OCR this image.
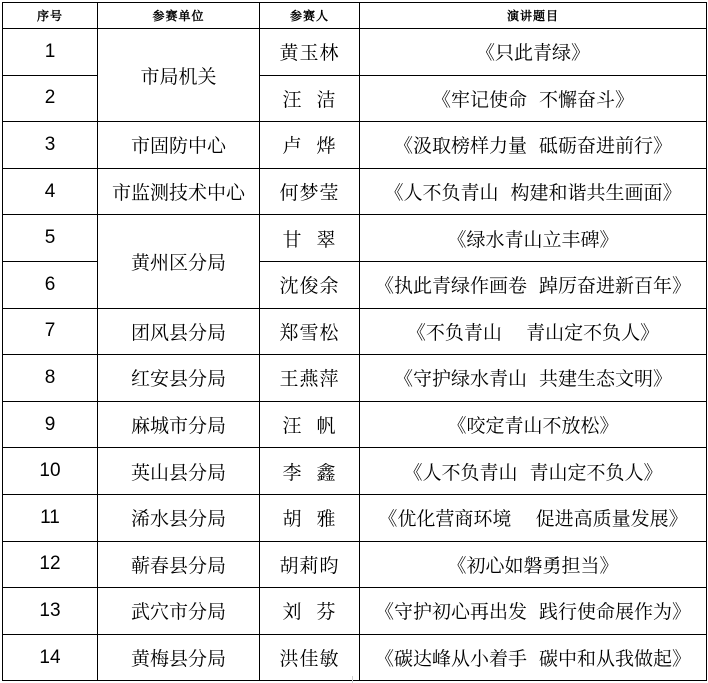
序号	参赛单位	参赛人	演讲题目
1	市局机关	黄玉林	《只此青绿》
2		汪  洁	《牢记使命  不懈奋斗》
3	市固防中心	卢  烨	《汲取榜样力量  砥砺奋进前行》
4	市监测技术中心	何梦莹	《人不负青山  构建和谐共生画面》
5	黄州区分局	甘  翠	《绿水青山立丰碑》
6		沈俊余	《执此青绿作画卷  踔厉奋进新百年》
7	团风县分局	郑雪松	《不负青山    青山定不负人》
8	红安县分局	王燕萍	《守护绿水青山  共建生态文明》
9	麻城市分局	汪  帆	《咬定青山不放松》
10	英山县分局	李  鑫	《人不负青山  青山定不负人》
11	浠水县分局	胡  雅	《优化营商环境    促进高质量发展》
12	蕲春县分局	胡莉昀	《初心如磐勇担当》
13	武穴市分局	刘  芬	《守护初心再出发  践行使命展作为》
14	黄梅县分局	洪佳敏	《碳达峰从小着手  碳中和从我做起》
